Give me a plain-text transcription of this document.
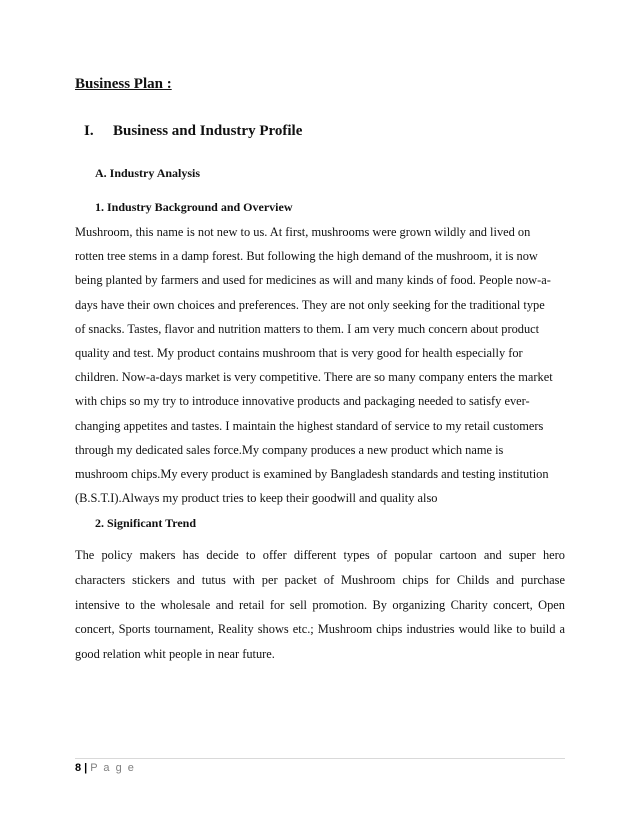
Business Plan :
I. Business and Industry Profile
A. Industry Analysis
1. Industry Background and Overview
Mushroom, this name is not new to us. At first, mushrooms were grown wildly and lived on
rotten tree stems in a damp forest. But following the high demand of the mushroom, it is now
being planted by farmers and used for medicines as will and many kinds of food. People now-a-
days have their own choices and preferences. They are not only seeking for the traditional type
of snacks. Tastes, flavor and nutrition matters to them. I am very much concern about product
quality and test. My product contains mushroom that is very good for health especially for
children. Now-a-days market is very competitive. There are so many company enters the market
with chips so my try to introduce innovative products and packaging needed to satisfy ever-
changing appetites and tastes. I maintain the highest standard of service to my retail customers
through my dedicated sales force.My company produces a new product which name is
mushroom chips.My every product is examined by Bangladesh standards and testing institution
(B.S.T.I).Always my product tries to keep their goodwill and quality also
2. Significant Trend
The policy makers has decide to offer different types of popular cartoon and super hero
characters stickers and tutus with per packet of Mushroom chips for Childs and purchase
intensive to the wholesale and retail for sell promotion. By organizing Charity concert, Open
concert, Sports tournament, Reality shows etc.; Mushroom chips industries would like to build a
good relation whit people in near future.
8 | P a g e
